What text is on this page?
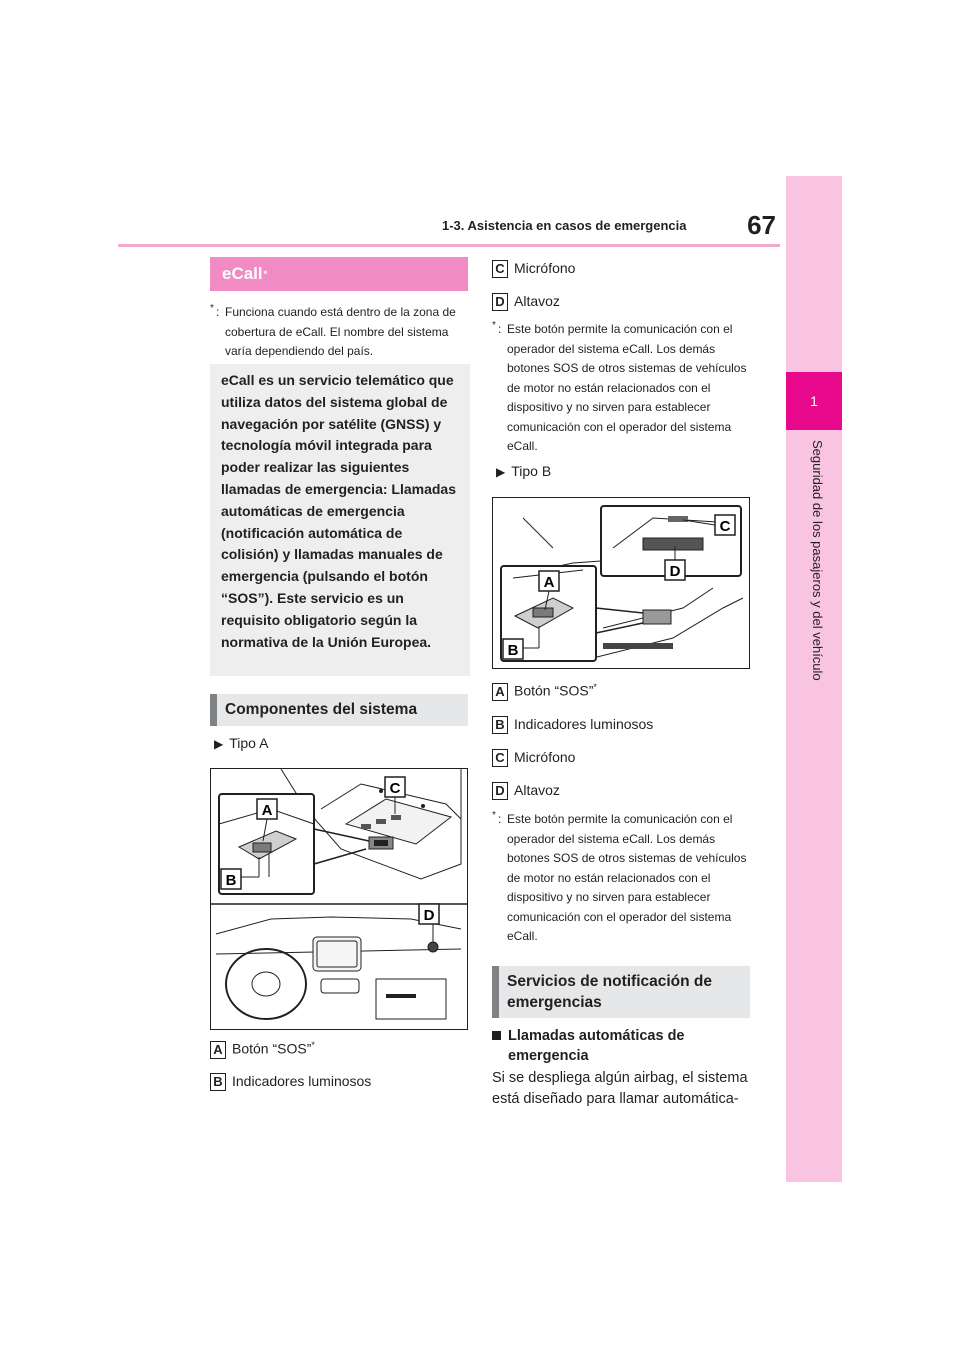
1-3. Asistencia en casos de emergencia	67
1
Seguridad de los pasajeros y del vehículo
eCall *
* : Funciona cuando está dentro de la zona de cobertura de eCall. El nombre del sistema varía dependiendo del país.
eCall es un servicio telemático que utiliza datos del sistema global de navegación por satélite (GNSS) y tecnología móvil integrada para poder realizar las siguientes llamadas de emergencia: Llamadas automáticas de emergencia (notificación automática de colisión) y llamadas manuales de emergencia (pulsando el botón “SOS”). Este servicio es un requisito obligatorio según la normativa de la Unión Europea.
Componentes del sistema
▶ Tipo A
A
B
C
D
A Botón “SOS”*
B Indicadores luminosos
C Micrófono
D Altavoz
* : Este botón permite la comunicación con el operador del sistema eCall. Los demás botones SOS de otros sistemas de vehículos de motor no están relacionados con el dispositivo y no sirven para establecer comunicación con el operador del sistema eCall.
▶ Tipo B
A
B
C
D
A Botón “SOS”*
B Indicadores luminosos
C Micrófono
D Altavoz
* : Este botón permite la comunicación con el operador del sistema eCall. Los demás botones SOS de otros sistemas de vehículos de motor no están relacionados con el dispositivo y no sirven para establecer comunicación con el operador del sistema eCall.
Servicios de notificación de emergencias
Llamadas automáticas de emergencia
Si se despliega algún airbag, el sistema está diseñado para llamar automática-
